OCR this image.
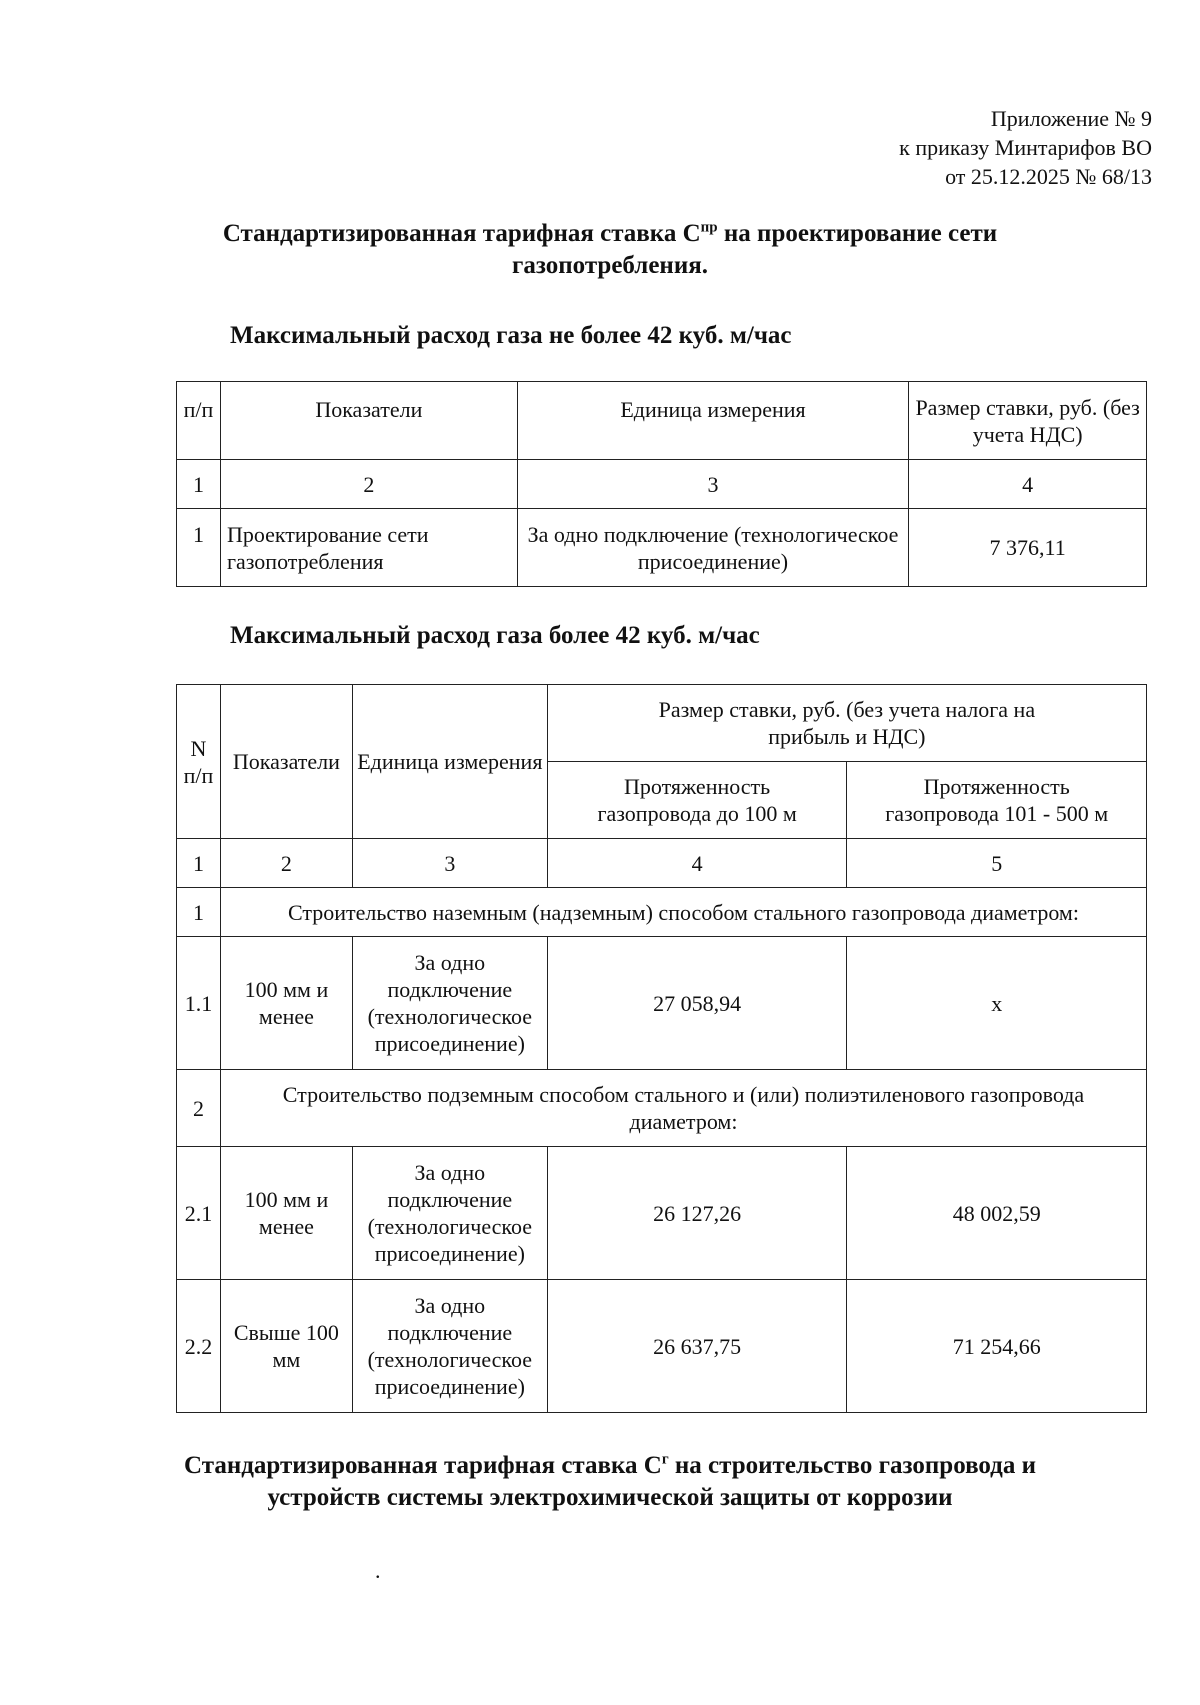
Приложение № 9
к приказу Минтарифов ВО
от 25.12.2025 № 68/13
Стандартизированная тарифная ставка $С^{пр}$ на проектирование сети газопотребления.
Максимальный расход газа не более 42 куб. м/час
п/п	Показатели	Единица измерения	Размер ставки, руб. (без учета НДС)
1	2	3	4
1	Проектирование сети газопотребления	За одно подключение (технологическое присоединение)	7 376,11
Максимальный расход газа более 42 куб. м/час
N п/п	Показатели	Единица измерения	Размер ставки, руб. (без учета налога на прибыль и НДС)	
			Протяженность газопровода до 100 м	Протяженность газопровода 101 - 500 м
1	2	3	4	5
1	Строительство наземным (надземным) способом стального газопровода диаметром:			
1.1	100 мм и менее	За одно подключение (технологическое присоединение)	27 058,94	x
2	Строительство подземным способом стального и (или) полиэтиленового газопровода диаметром:			
2.1	100 мм и менее	За одно подключение (технологическое присоединение)	26 127,26	48 002,59
2.2	Свыше 100 мм	За одно подключение (технологическое присоединение)	26 637,75	71 254,66
Стандартизированная тарифная ставка $С^г$ на строительство газопровода и устройств системы электрохимической защиты от коррозии
.
